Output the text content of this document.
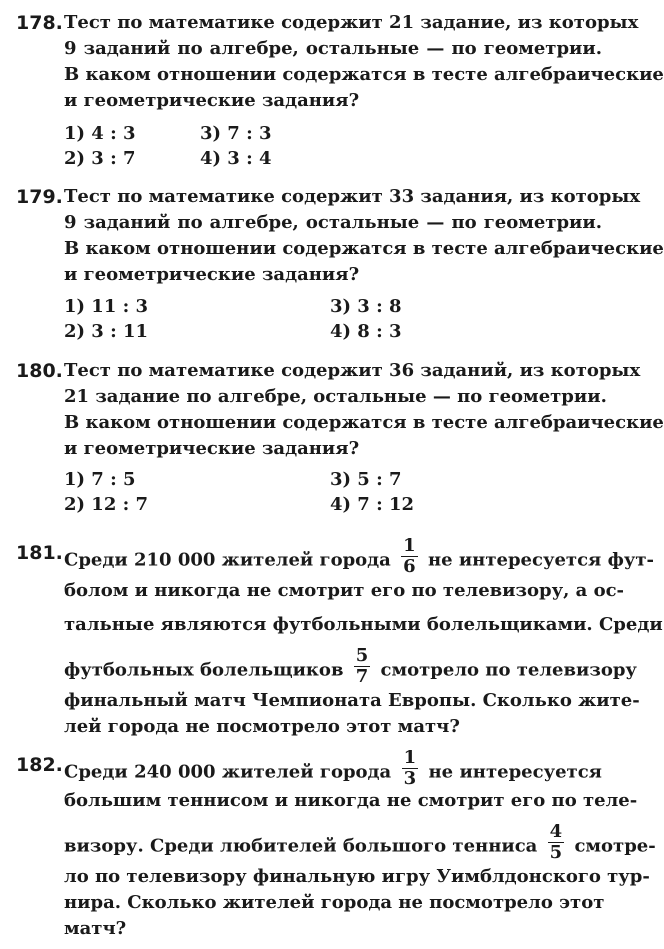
178. Тест по математике содержит 21 задание, из которых
9 заданий по алгебре, остальные — по геометрии.
В каком отношении содержатся в тесте алгебраические
и геометрические задания?
1) 4 : 3	3) 7 : 3
2) 3 : 7	4) 3 : 4
179. Тест по математике содержит 33 задания, из которых
9 заданий по алгебре, остальные — по геометрии.
В каком отношении содержатся в тесте алгебраические
и геометрические задания?
1) 11 : 3	3) 3 : 8
2) 3 : 11	4) 8 : 3
180. Тест по математике содержит 36 заданий, из которых
21 задание по алгебре, остальные — по геометрии.
В каком отношении содержатся в тесте алгебраические
и геометрические задания?
1) 7 : 5	3) 5 : 7
2) 12 : 7	4) 7 : 12
181. Среди 210 000 жителей города $\frac{1}{6}$ не интересуется фут-
болом и никогда не смотрит его по телевизору, а ос-
тальные являются футбольными болельщиками. Среди
футбольных болельщиков $\frac{5}{7}$ смотрело по телевизору
финальный матч Чемпионата Европы. Сколько жите-
лей города не посмотрело этот матч?
182. Среди 240 000 жителей города $\frac{1}{3}$ не интересуется
большим теннисом и никогда не смотрит его по теле-
визору. Среди любителей большого тенниса $\frac{4}{5}$ смотре-
ло по телевизору финальную игру Уимблдонского тур-
нира. Сколько жителей города не посмотрело этот
матч?
